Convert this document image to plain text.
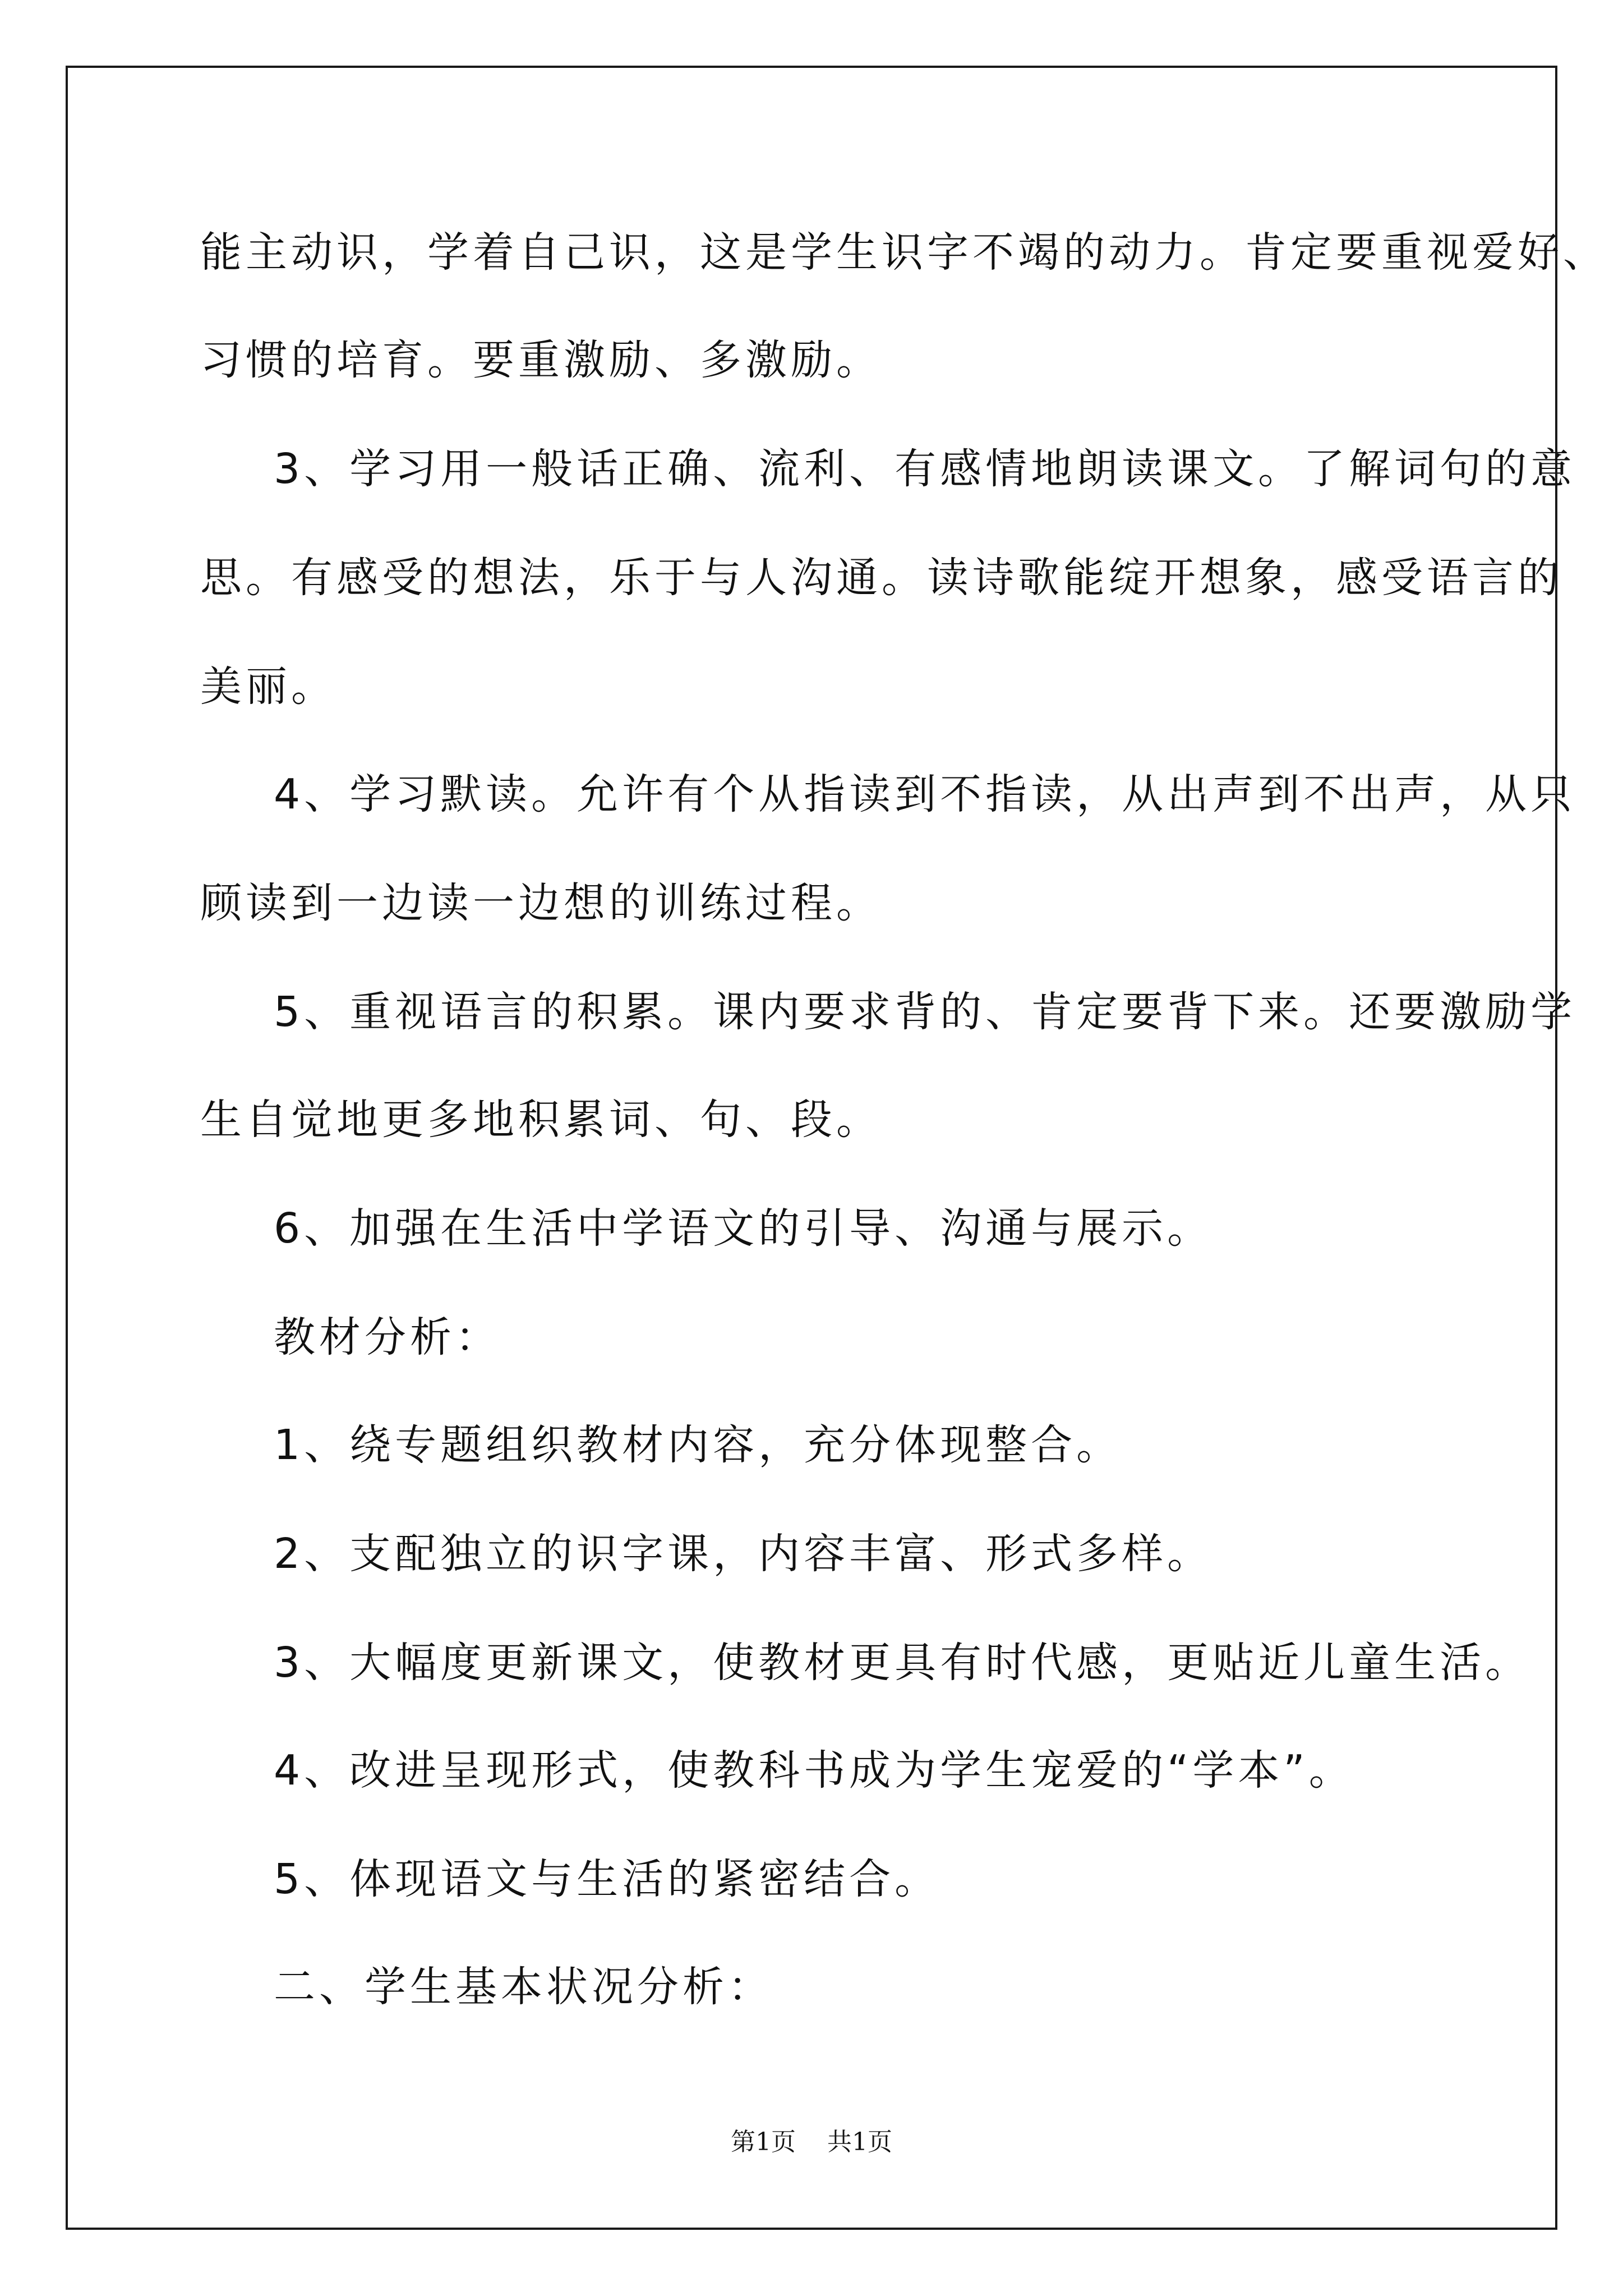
能主动识，学着自己识，这是学生识字不竭的动力。肯定要重视爱好、
习惯的培育。要重激励、多激励。
3、学习用一般话正确、流利、有感情地朗读课文。了解词句的意
思。有感受的想法，乐于与人沟通。读诗歌能绽开想象，感受语言的
美丽。
4、学习默读。允许有个从指读到不指读，从出声到不出声，从只
顾读到一边读一边想的训练过程。
5、重视语言的积累。课内要求背的、肯定要背下来。还要激励学
生自觉地更多地积累词、句、段。
6、加强在生活中学语文的引导、沟通与展示。
教材分析：
1、绕专题组织教材内容，充分体现整合。
2、支配独立的识字课，内容丰富、形式多样。
3、大幅度更新课文，使教材更具有时代感，更贴近儿童生活。
4、改进呈现形式，使教科书成为学生宠爱的“学本”。
5、体现语文与生活的紧密结合。
二、学生基本状况分析：
第1页 共1页
